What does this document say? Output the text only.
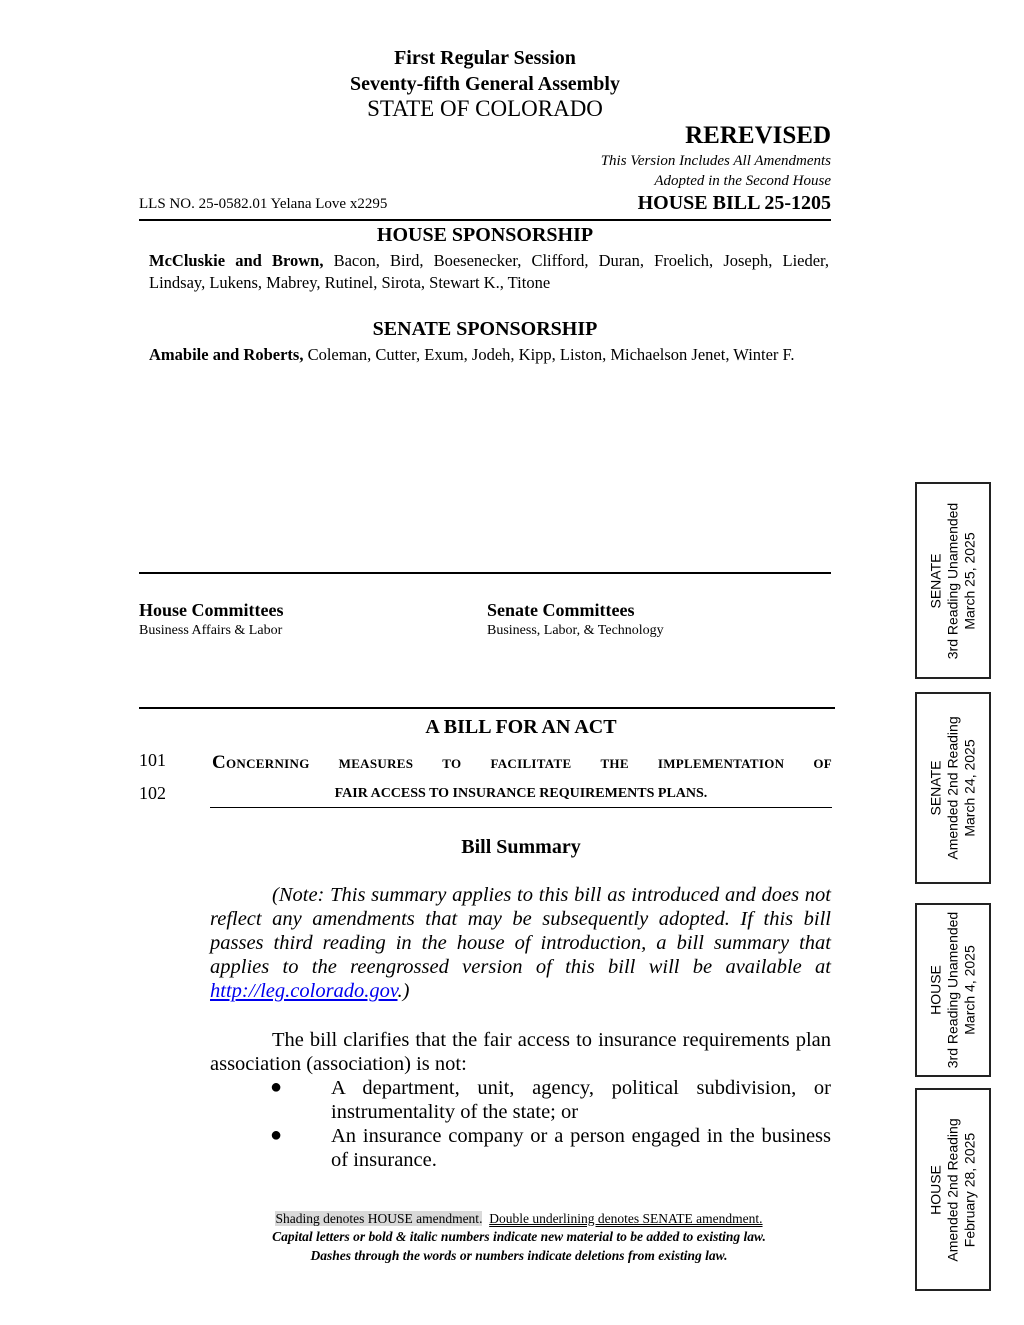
First Regular Session
Seventy-fifth General Assembly
STATE OF COLORADO
REREVISED
This Version Includes All Amendments
Adopted in the Second House
LLS NO. 25-0582.01 Yelana Love x2295	HOUSE BILL 25-1205
HOUSE SPONSORSHIP
McCluskie and Brown, Bacon, Bird, Boesenecker, Clifford, Duran, Froelich, Joseph, Lieder, Lindsay, Lukens, Mabrey, Rutinel, Sirota, Stewart K., Titone
SENATE SPONSORSHIP
Amabile and Roberts, Coleman, Cutter, Exum, Jodeh, Kipp, Liston, Michaelson Jenet, Winter F.
House Committees
Business Affairs & Labor
Senate Committees
Business, Labor, & Technology
A BILL FOR AN ACT
101 Concerning measures to facilitate the implementation of
102	FAIR ACCESS TO INSURANCE REQUIREMENTS PLANS.
Bill Summary
(Note: This summary applies to this bill as introduced and does not reflect any amendments that may be subsequently adopted. If this bill passes third reading in the house of introduction, a bill summary that applies to the reengrossed version of this bill will be available at http://leg.colorado.gov.)
The bill clarifies that the fair access to insurance requirements plan association (association) is not:
● A department, unit, agency, political subdivision, or instrumentality of the state; or
● An insurance company or a person engaged in the business of insurance.
Shading denotes HOUSE amendment. Double underlining denotes SENATE amendment.
Capital letters or bold & italic numbers indicate new material to be added to existing law.
Dashes through the words or numbers indicate deletions from existing law.
SENATE 3rd Reading Unamended March 25, 2025
SENATE Amended 2nd Reading March 24, 2025
HOUSE 3rd Reading Unamended March 4, 2025
HOUSE Amended 2nd Reading February 28, 2025
